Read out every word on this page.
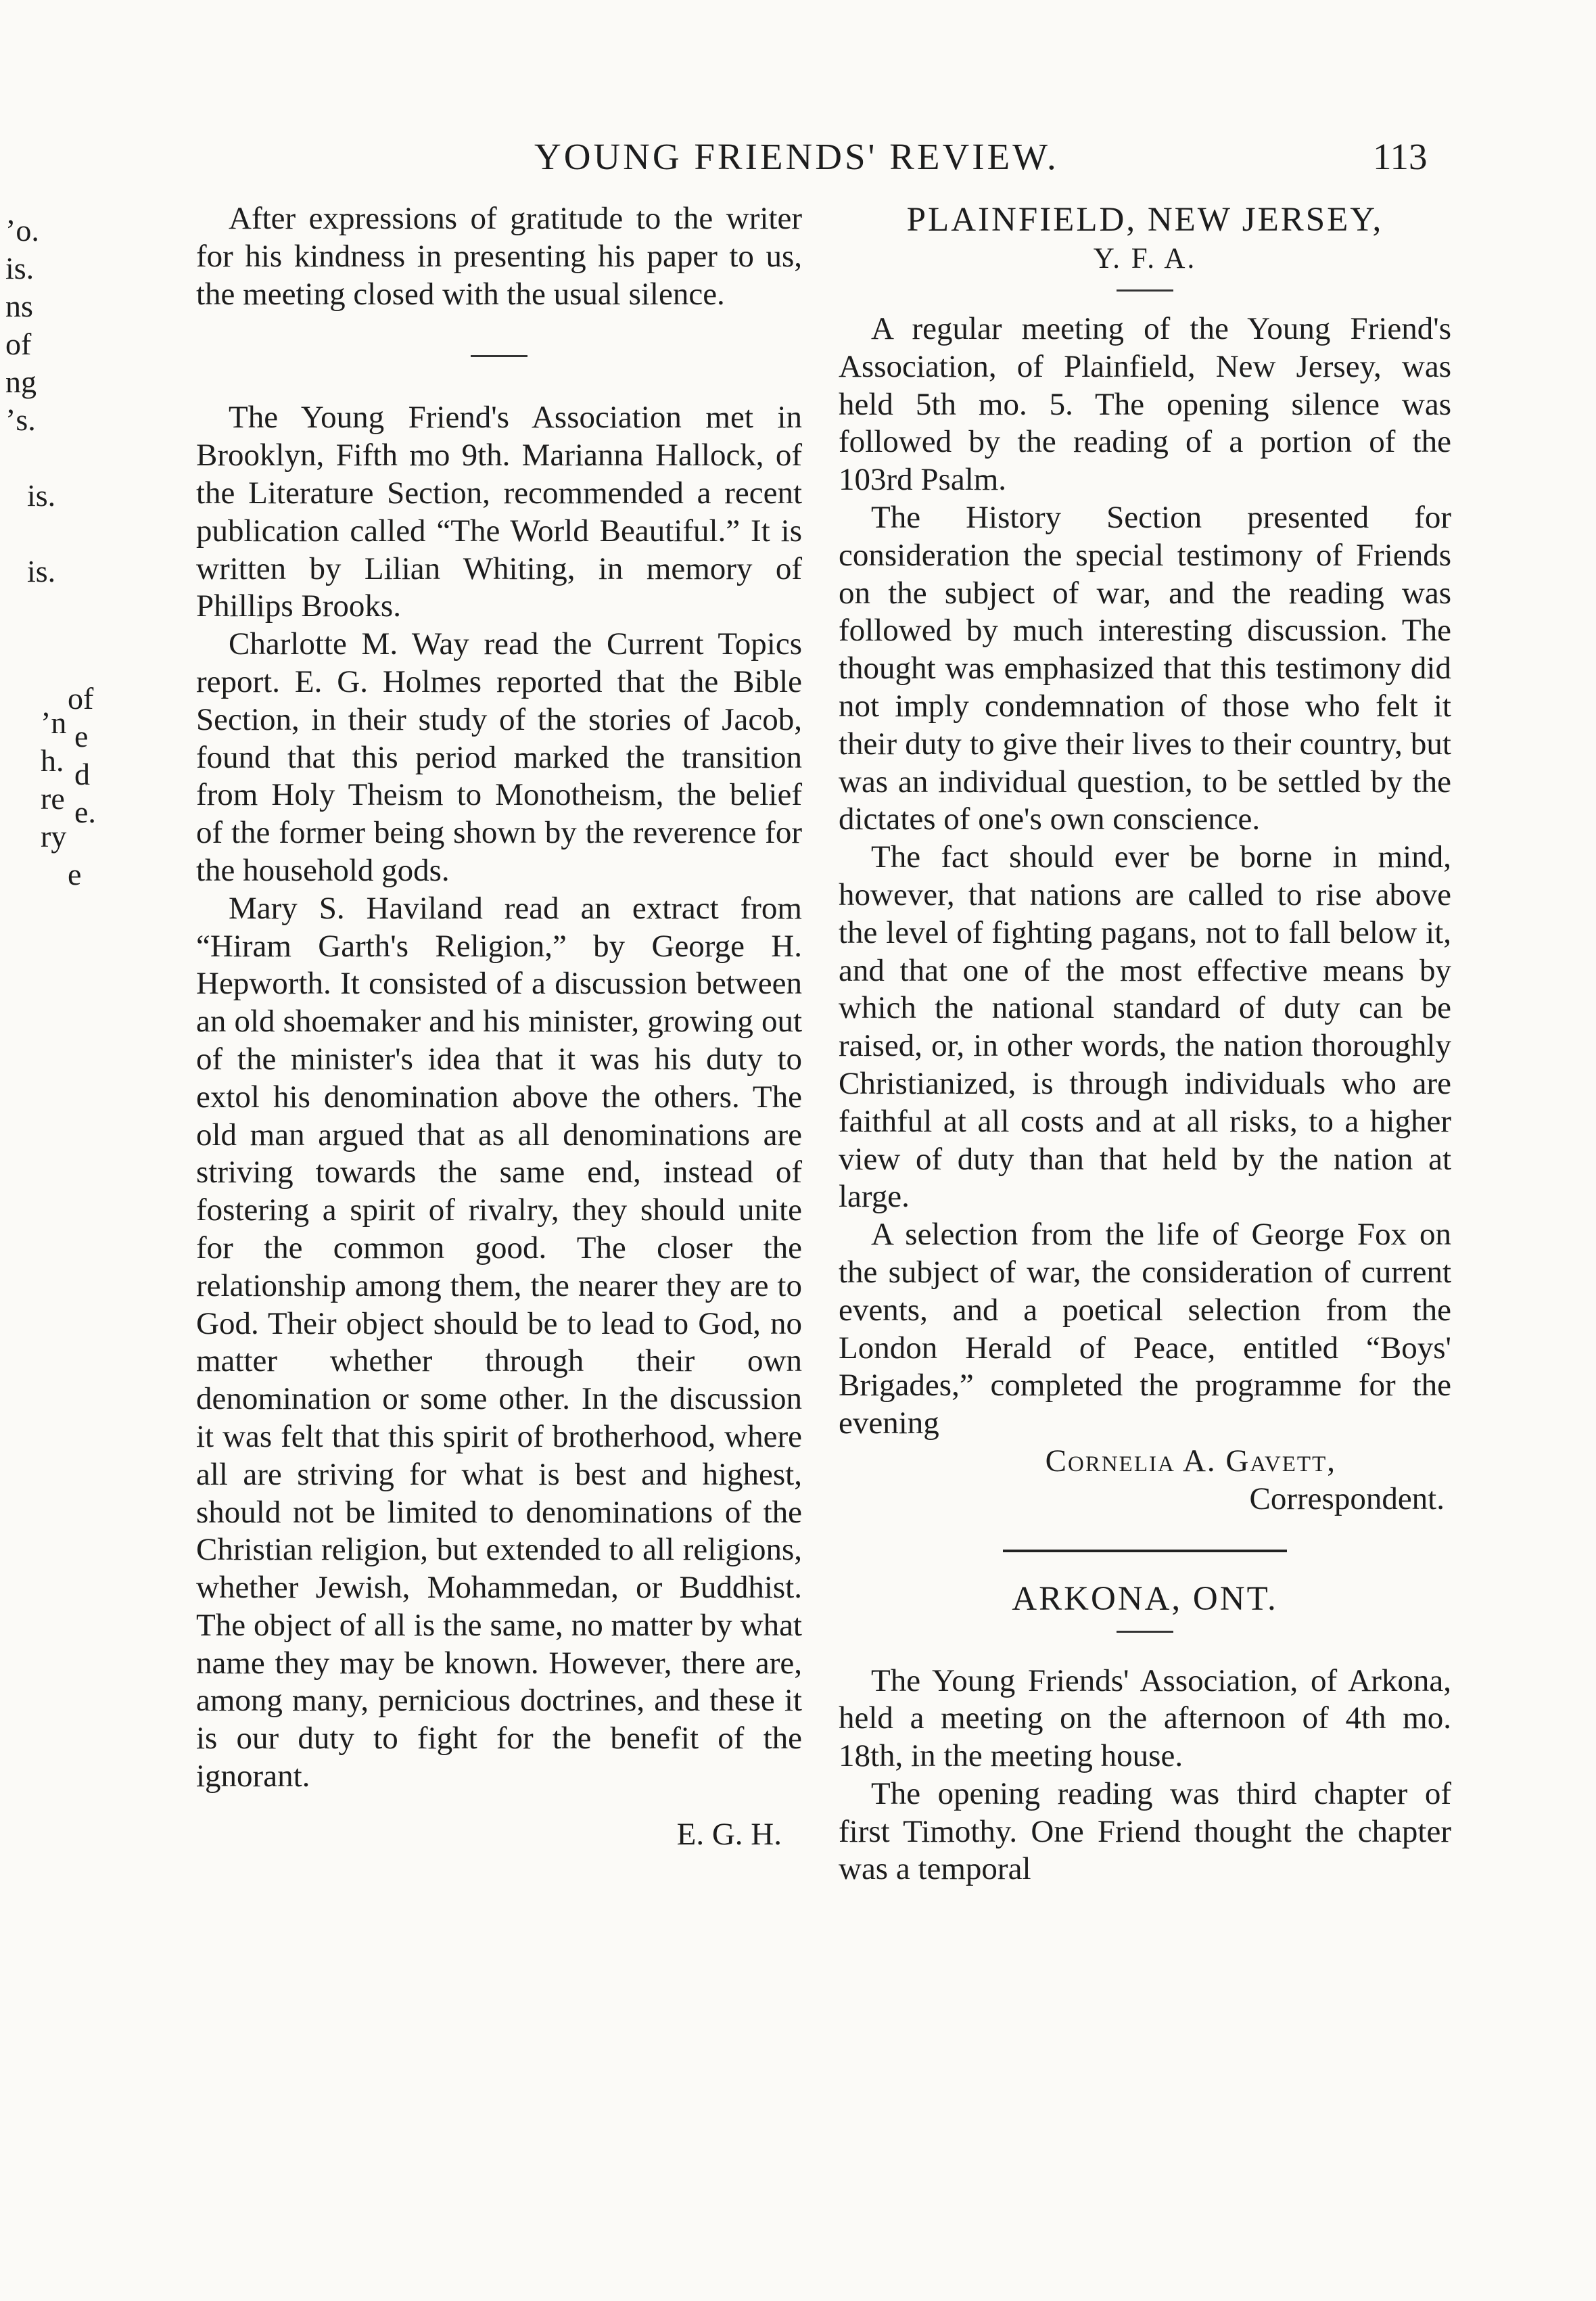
YOUNG FRIENDS' REVIEW.	113
ʼo.
is.
ns
of
ng
ʼs.
is.
is.
ʼn
h.
re
ry
e
of
e
d
e.

After expressions of gratitude to the writer for his kindness in presenting his paper to us, the meeting closed with the usual silence.

The Young Friend's Association met in Brooklyn, Fifth mo 9th. Marianna Hallock, of the Literature Section, recommended a recent publication called “The World Beautiful.” It is written by Lilian Whiting, in memory of Phillips Brooks.

Charlotte M. Way read the Current Topics report. E. G. Holmes reported that the Bible Section, in their study of the stories of Jacob, found that this period marked the transition from Holy Theism to Monotheism, the belief of the former being shown by the reverence for the household gods.

Mary S. Haviland read an extract from “Hiram Garth's Religion,” by George H. Hepworth. It consisted of a discussion between an old shoemaker and his minister, growing out of the minister's idea that it was his duty to extol his denomination above the others. The old man argued that as all denominations are striving towards the same end, instead of fostering a spirit of rivalry, they should unite for the common good. The closer the relationship among them, the nearer they are to God. Their object should be to lead to God, no matter whether through their own denomination or some other. In the discussion it was felt that this spirit of brotherhood, where all are striving for what is best and highest, should not be limited to denominations of the Christian religion, but extended to all religions, whether Jewish, Mohammedan, or Buddhist. The object of all is the same, no matter by what name they may be known. However, there are, among many, pernicious doctrines, and these it is our duty to fight for the benefit of the ignorant.

E. G. H.
PLAINFIELD, NEW JERSEY,
Y. F. A.

A regular meeting of the Young Friend's Association, of Plainfield, New Jersey, was held 5th mo. 5. The opening silence was followed by the reading of a portion of the 103rd Psalm.

The History Section presented for consideration the special testimony of Friends on the subject of war, and the reading was followed by much interesting discussion. The thought was emphasized that this testimony did not imply condemnation of those who felt it their duty to give their lives to their country, but was an individual question, to be settled by the dictates of one's own conscience.

The fact should ever be borne in mind, however, that nations are called to rise above the level of fighting pagans, not to fall below it, and that one of the most effective means by which the national standard of duty can be raised, or, in other words, the nation thoroughly Christianized, is through individuals who are faithful at all costs and at all risks, to a higher view of duty than that held by the nation at large.

A selection from the life of George Fox on the subject of war, the consideration of current events, and a poetical selection from the London Herald of Peace, entitled “Boys' Brigades,” completed the programme for the evening

Cornelia A. Gavett,
Correspondent.
ARKONA, ONT.

The Young Friends' Association, of Arkona, held a meeting on the afternoon of 4th mo. 18th, in the meeting house.

The opening reading was third chapter of first Timothy. One Friend thought the chapter was a temporal
